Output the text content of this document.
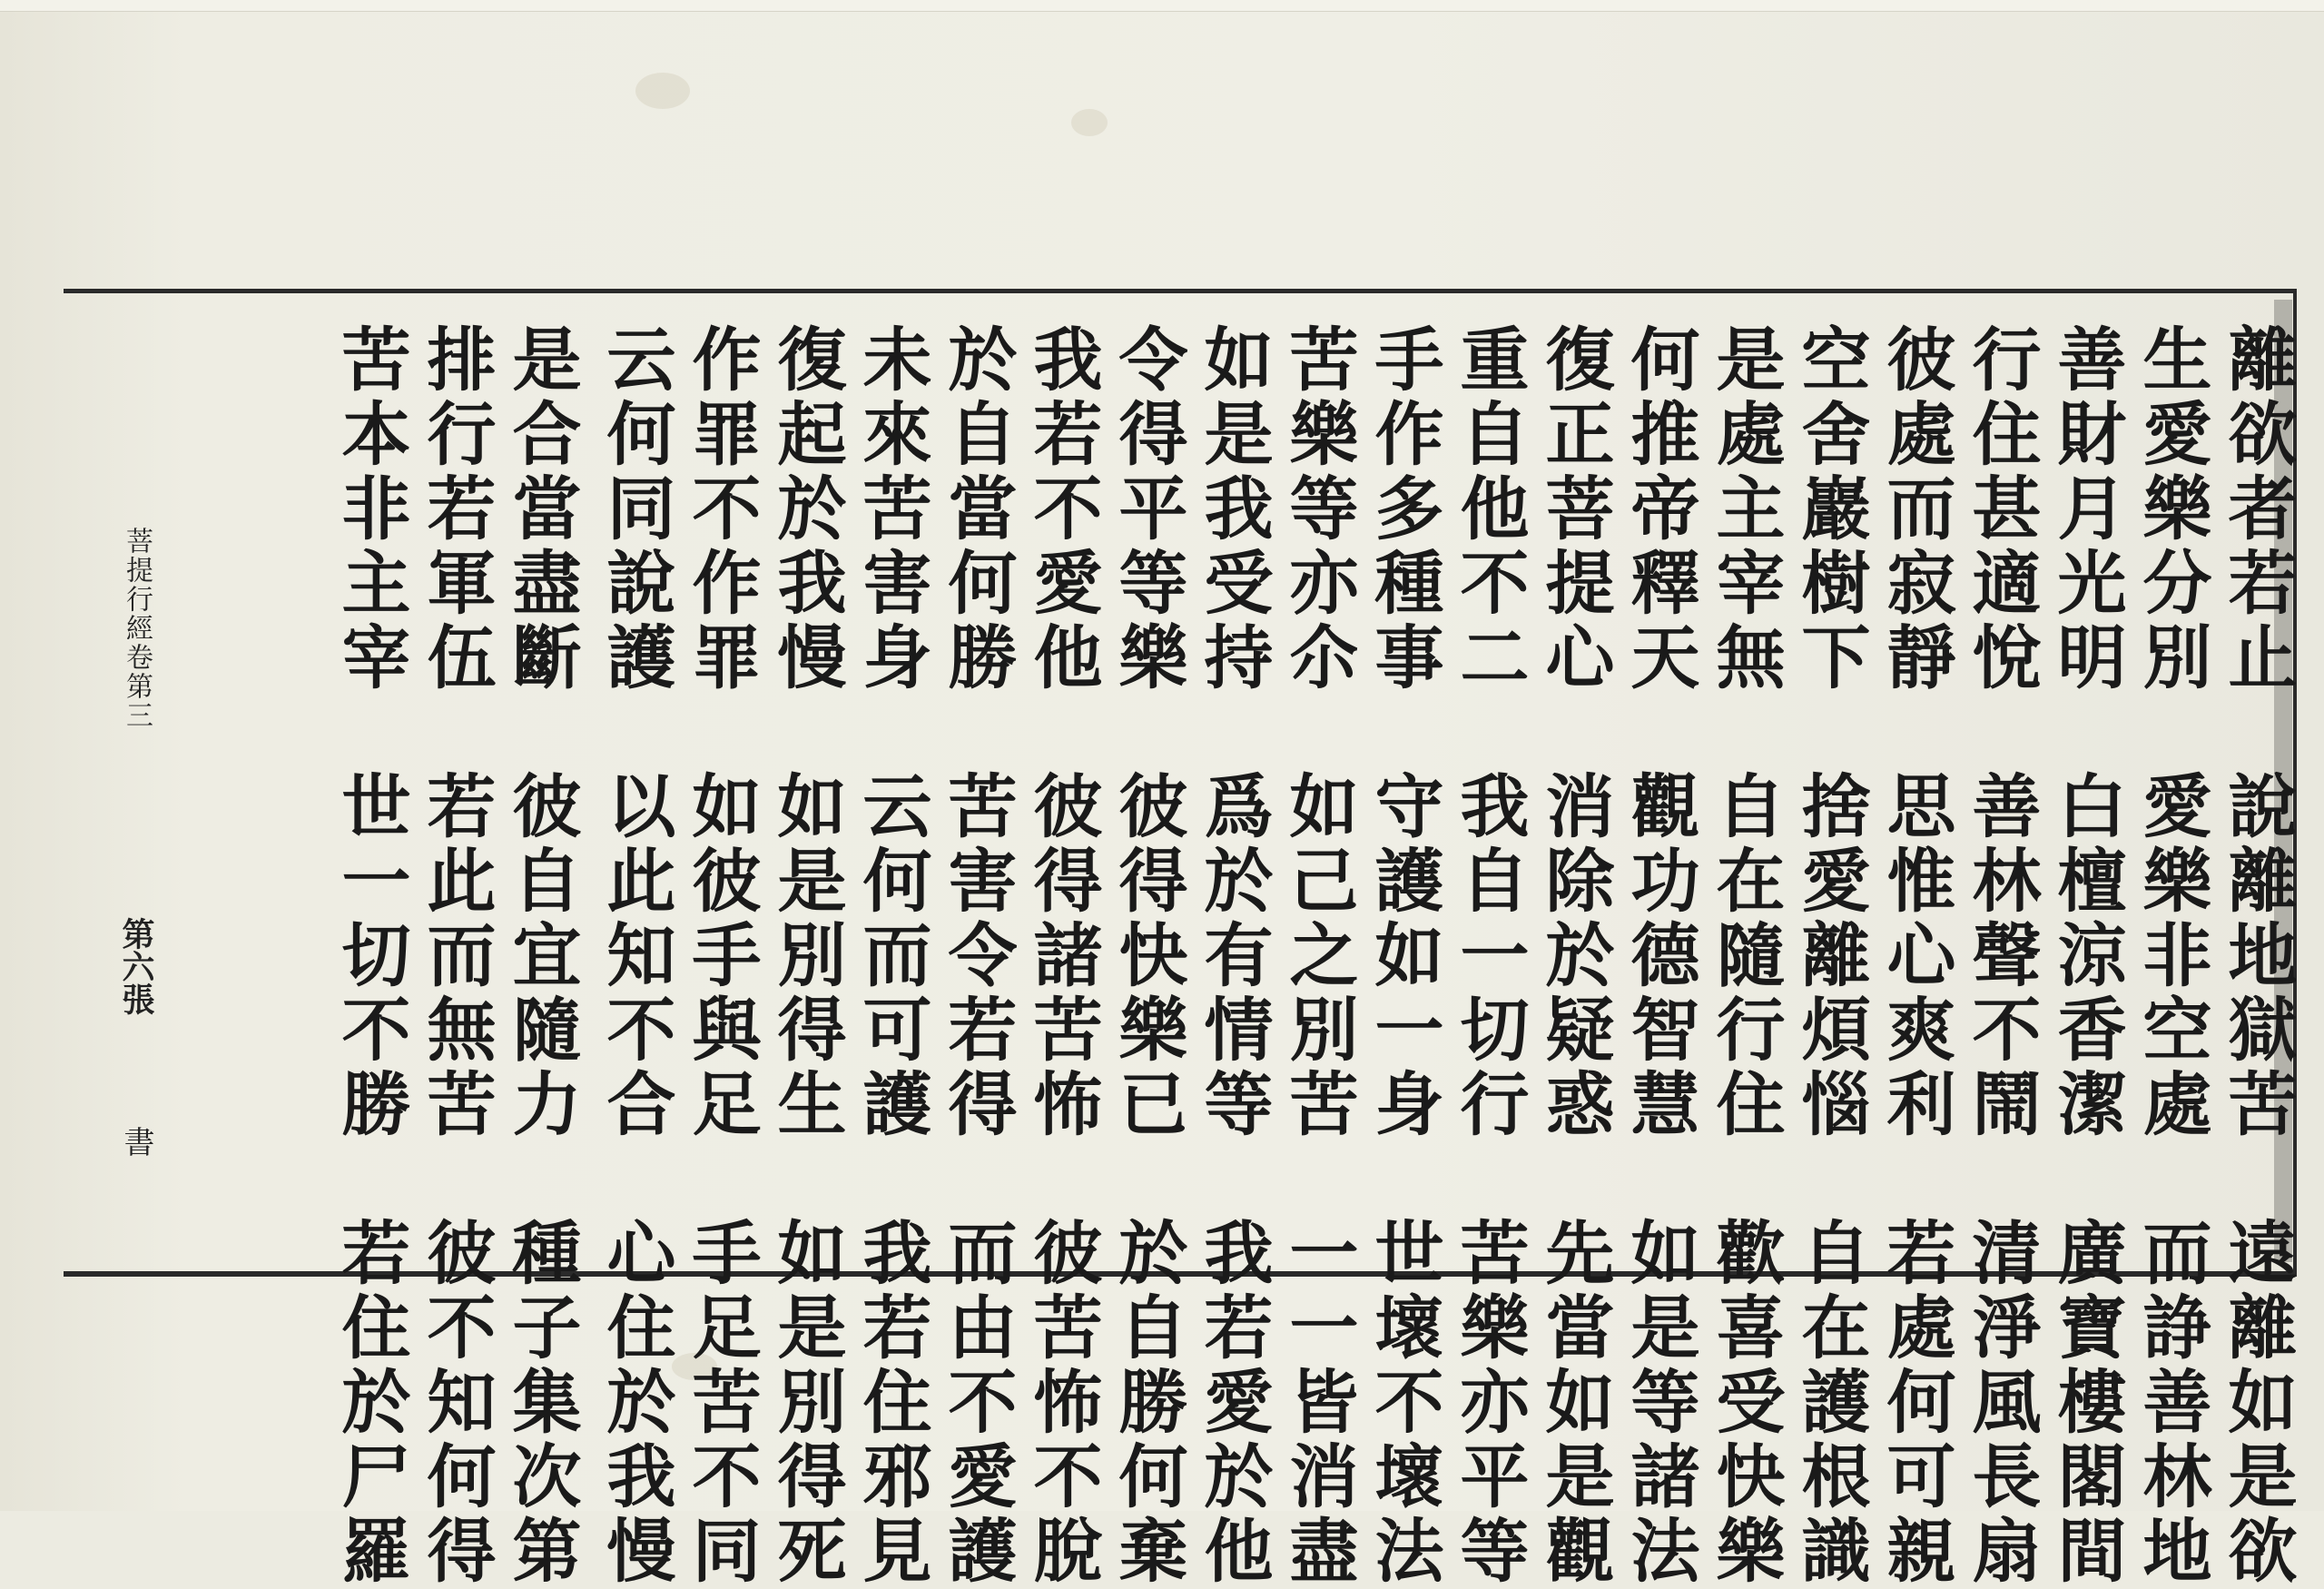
離欲者若止　說離地獄苦　遠離如是欲
生愛樂分別　愛樂非空處　而諍善林地
善財月光明　白檀涼香潔　廣寶樓閣間
行住甚適悅　善林聲不鬧　清淨風長扇
彼處而寂靜　思惟心爽利　若處何可親
空舍巖樹下　捨愛離煩惱　自在護根識
是處主宰無　自在隨行住　歡喜受快樂
何推帝釋天　觀功德智慧　如是等諸法
復正菩提心　消除於疑惑　先當如是觀
重自他不二　我自一切行　苦樂亦平等
手作多種事　守護如一身　世壞不壞法
苦樂等亦尒　如己之別苦　一一皆消盡
如是我受持　爲於有情等　我若愛於他
令得平等樂　彼得快樂已　於自勝何棄
我若不愛他　彼得諸苦怖　彼苦怖不脫
於自當何勝　苦害令若得　而由不愛護
未來苦害身　云何而可護　我若住邪見
復起於我慢　如是別得生　如是別得死
作罪不作罪　如彼手與足　手足苦不同
云何同說護　以此知不合　心住於我慢
是合當盡斷　彼自宜隨力　種子集次第
排行若軍伍　若此而無苦　彼不知何得
苦本非主宰　世一切不勝　若住於尸羅
菩提行經卷第三
第六張
書
